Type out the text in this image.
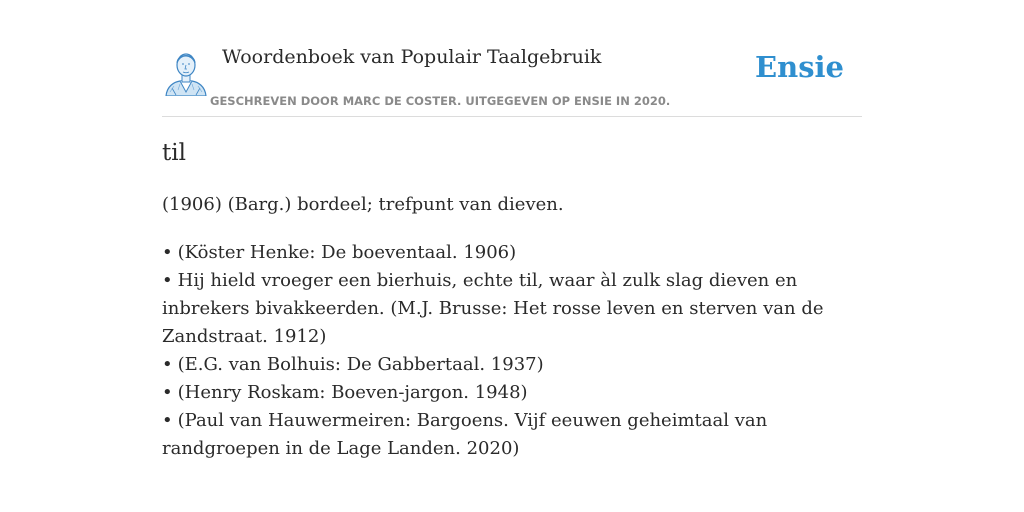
Woordenboek van Populair Taalgebruik	Ensie
GESCHREVEN DOOR MARC DE COSTER. UITGEGEVEN OP ENSIE IN 2020.
til
(1906) (Barg.) bordeel; trefpunt van dieven.
• (Köster Henke: De boeventaal. 1906)
• Hij hield vroeger een bierhuis, echte til, waar àl zulk slag dieven en inbrekers bivakkeerden. (M.J. Brusse: Het rosse leven en sterven van de Zandstraat. 1912)
• (E.G. van Bolhuis: De Gabbertaal. 1937)
• (Henry Roskam: Boeven-jargon. 1948)
• (Paul van Hauwermeiren: Bargoens. Vijf eeuwen geheimtaal van randgroepen in de Lage Landen. 2020)
